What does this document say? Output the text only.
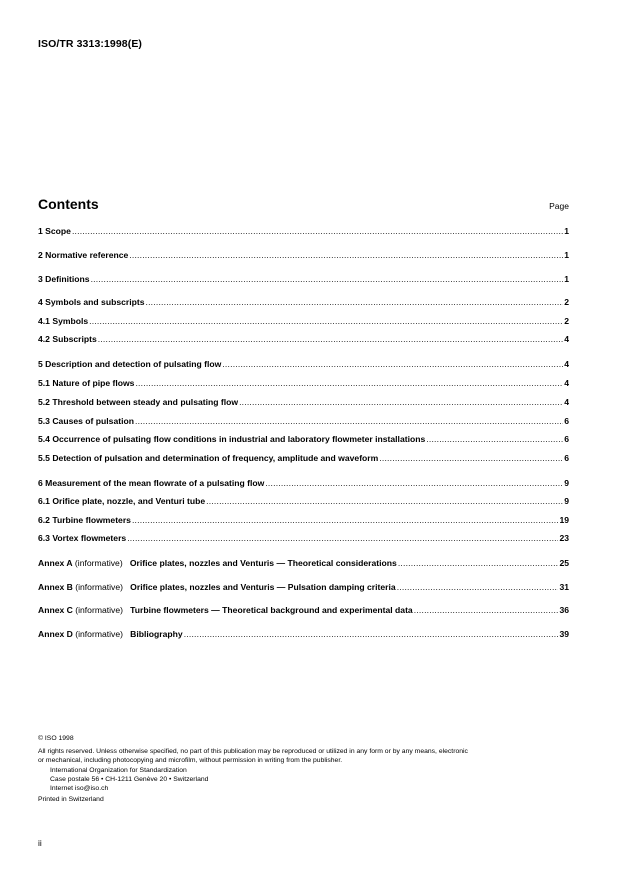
ISO/TR 3313:1998(E)
Contents	Page
1 Scope .....	1
2 Normative reference .....	1
3 Definitions .....	1
4 Symbols and subscripts .....	2
4.1 Symbols .....	2
4.2 Subscripts .....	4
5 Description and detection of pulsating flow .....	4
5.1 Nature of pipe flows .....	4
5.2 Threshold between steady and pulsating flow .....	4
5.3 Causes of pulsation .....	6
5.4 Occurrence of pulsating flow conditions in industrial and laboratory flowmeter installations .....	6
5.5 Detection of pulsation and determination of frequency, amplitude and waveform .....	6
6 Measurement of the mean flowrate of a pulsating flow .....	9
6.1 Orifice plate, nozzle, and Venturi tube .....	9
6.2 Turbine flowmeters .....	19
6.3 Vortex flowmeters .....	23
Annex A (informative) Orifice plates, nozzles and Venturis — Theoretical considerations .....	25
Annex B (informative) Orifice plates, nozzles and Venturis — Pulsation damping criteria .....	31
Annex C (informative) Turbine flowmeters — Theoretical background and experimental data .....	36
Annex D (informative) Bibliography .....	39
© ISO 1998
All rights reserved. Unless otherwise specified, no part of this publication may be reproduced or utilized in any form or by any means, electronic
or mechanical, including photocopying and microfilm, without permission in writing from the publisher.
International Organization for Standardization
Case postale 56 • CH-1211 Genève 20 • Switzerland
Internet iso@iso.ch
Printed in Switzerland
ii
